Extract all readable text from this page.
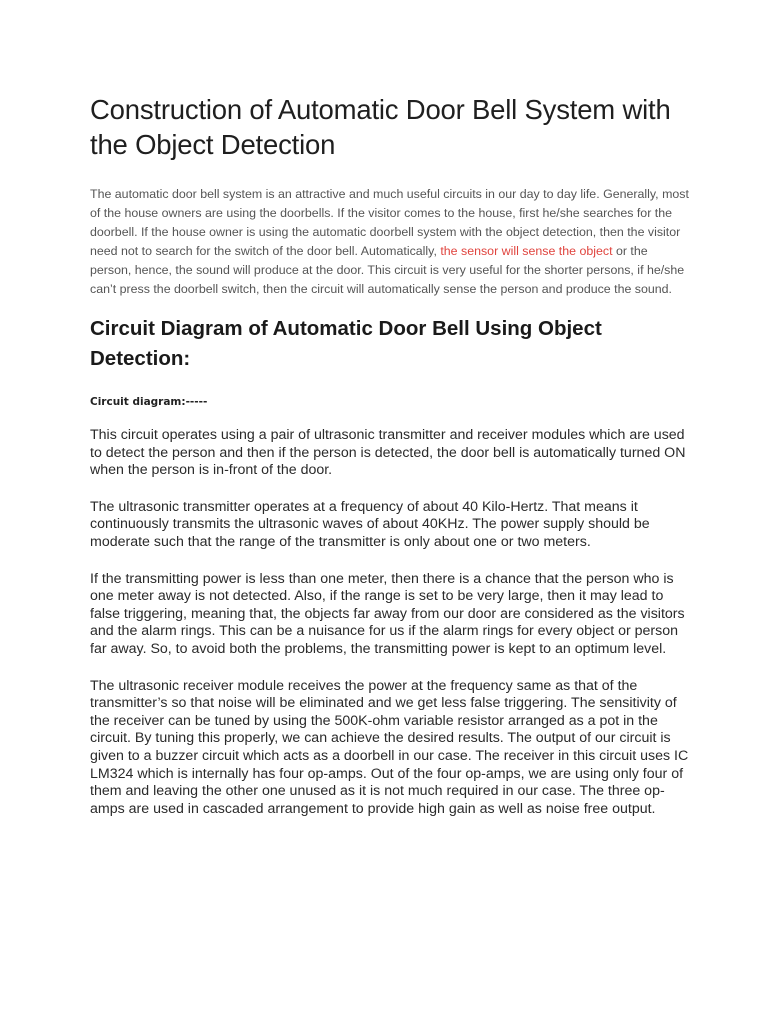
Construction of Automatic Door Bell System with the Object Detection

The automatic door bell system is an attractive and much useful circuits in our day to day life. Generally, most of the house owners are using the doorbells. If the visitor comes to the house, first he/she searches for the doorbell. If the house owner is using the automatic doorbell system with the object detection, then the visitor need not to search for the switch of the door bell. Automatically, the sensor will sense the object or the person, hence, the sound will produce at the door. This circuit is very useful for the shorter persons, if he/she can’t press the doorbell switch, then the circuit will automatically sense the person and produce the sound.

Circuit Diagram of Automatic Door Bell Using Object Detection:
Circuit diagram:-----

This circuit operates using a pair of ultrasonic transmitter and receiver modules which are used to detect the person and then if the person is detected, the door bell is automatically turned ON when the person is in-front of the door.

The ultrasonic transmitter operates at a frequency of about 40 Kilo-Hertz. That means it continuously transmits the ultrasonic waves of about 40KHz. The power supply should be moderate such that the range of the transmitter is only about one or two meters.

If the transmitting power is less than one meter, then there is a chance that the person who is one meter away is not detected. Also, if the range is set to be very large, then it may lead to false triggering, meaning that, the objects far away from our door are considered as the visitors and the alarm rings. This can be a nuisance for us if the alarm rings for every object or person far away. So, to avoid both the problems, the transmitting power is kept to an optimum level.

The ultrasonic receiver module receives the power at the frequency same as that of the transmitter’s so that noise will be eliminated and we get less false triggering. The sensitivity of the receiver can be tuned by using the 500K-ohm variable resistor arranged as a pot in the circuit. By tuning this properly, we can achieve the desired results. The output of our circuit is given to a buzzer circuit which acts as a doorbell in our case. The receiver in this circuit uses IC LM324 which is internally has four op-amps. Out of the four op-amps, we are using only four of them and leaving the other one unused as it is not much required in our case. The three op-amps are used in cascaded arrangement to provide high gain as well as noise free output.
